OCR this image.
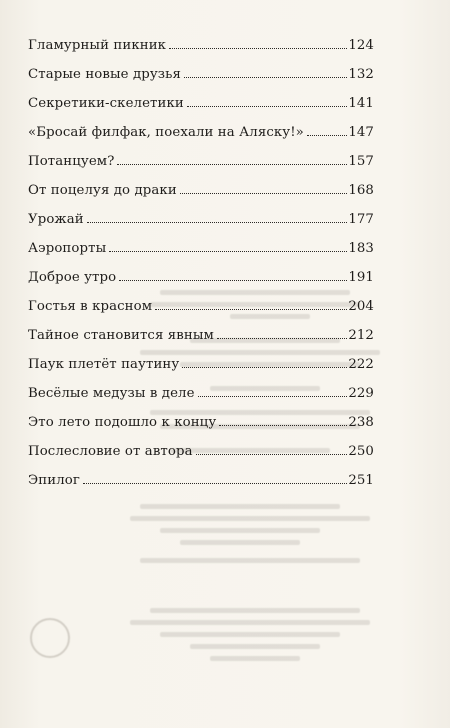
Гламурный пикник	124
Старые новые друзья	132
Секретики-скелетики	141
«Бросай филфак, поехали на Аляску!»	147
Потанцуем?	157
От поцелуя до драки	168
Урожай	177
Аэропорты	183
Доброе утро	191
Гостья в красном	204
Тайное становится явным	212
Паук плетёт паутину	222
Весёлые медузы в деле	229
Это лето подошло к концу	238
Послесловие от автора	250
Эпилог	251
